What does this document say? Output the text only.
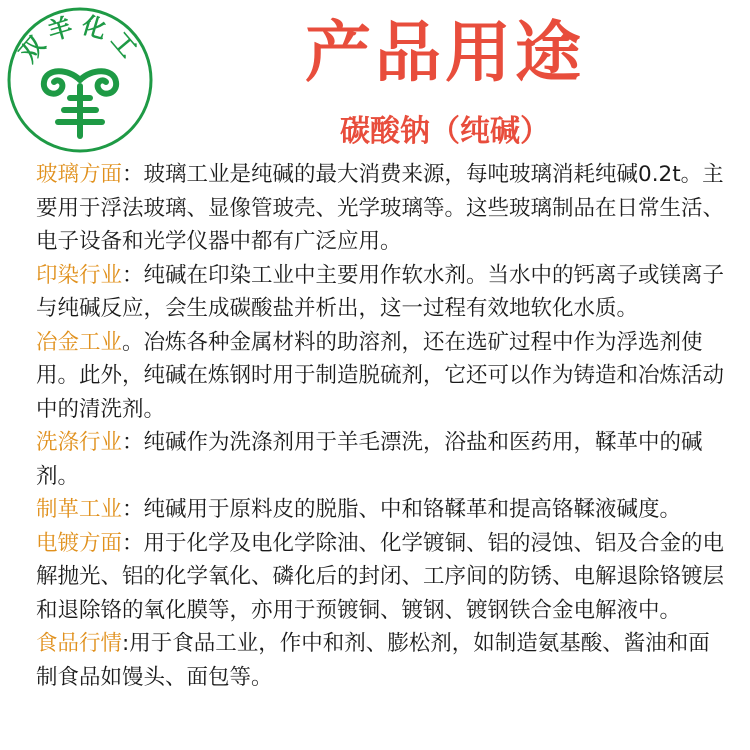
双羊化工	产品用途
碳酸钠（纯碱）

玻璃方面：玻璃工业是纯碱的最大消费来源，每吨玻璃消耗纯碱0.2t。主要用于浮法玻璃、显像管玻壳、光学玻璃等。这些玻璃制品在日常生活、电子设备和光学仪器中都有广泛应用。

印染行业：纯碱在印染工业中主要用作软水剂。当水中的钙离子或镁离子与纯碱反应，会生成碳酸盐并析出，这一过程有效地软化水质。

冶金工业。冶炼各种金属材料的助溶剂，还在选矿过程中作为浮选剂使用。此外，纯碱在炼钢时用于制造脱硫剂，它还可以作为铸造和冶炼活动中的清洗剂。

洗涤行业：纯碱作为洗涤剂用于羊毛漂洗，浴盐和医药用，鞣革中的碱剂。

制革工业：纯碱用于原料皮的脱脂、中和铬鞣革和提高铬鞣液碱度。

电镀方面：用于化学及电化学除油、化学镀铜、铝的浸蚀、铝及合金的电解抛光、铝的化学氧化、磷化后的封闭、工序间的防锈、电解退除铬镀层和退除铬的氧化膜等，亦用于预镀铜、镀钢、镀钢铁合金电解液中。

食品行情:用于食品工业，作中和剂、膨松剂，如制造氨基酸、酱油和面制食品如馒头、面包等。
